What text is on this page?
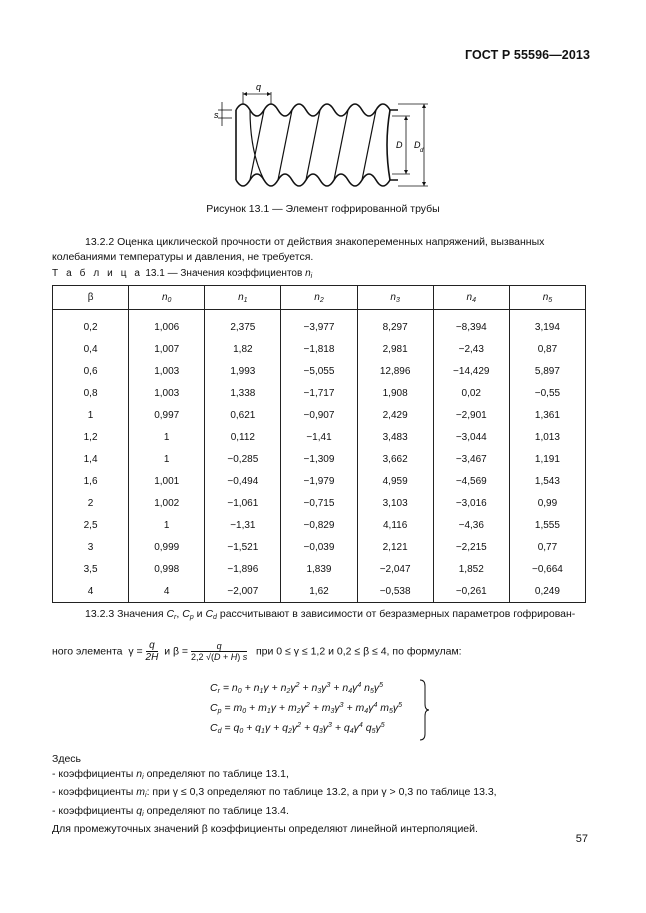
ГОСТ Р 55596—2013
q
s
D D
d
Рисунок 13.1 — Элемент гофрированной трубы
13.2.2 Оценка циклической прочности от действия знакопеременных напряжений, вызванных колебаниями температуры и давления, не требуется.
Т а б л и ц а 13.1 — Значения коэффициентов $n_i$
β	$n_0$	$n_1$	$n_2$	$n_3$	$n_4$	$n_5$

0,2	1,006	2,375	−3,977	8,297	−8,394	3,194
0,4	1,007	1,82	−1,818	2,981	−2,43	0,87
0,6	1,003	1,993	−5,055	12,896	−14,429	5,897
0,8	1,003	1,338	−1,717	1,908	0,02	−0,55
1	0,997	0,621	−0,907	2,429	−2,901	1,361
1,2	1	0,112	−1,41	3,483	−3,044	1,013
1,4	1	−0,285	−1,309	3,662	−3,467	1,191
1,6	1,001	−0,494	−1,979	4,959	−4,569	1,543
2	1,002	−1,061	−0,715	3,103	−3,016	0,99
2,5	1	−1,31	−0,829	4,116	−4,36	1,555
3	0,999	−1,521	−0,039	2,121	−2,215	0,77
3,5	0,998	−1,896	1,839	−2,047	1,852	−0,664
4	4	−2,007	1,62	−0,538	−0,261	0,249
13.2.3 Значения $C_r$, $C_p$ и $C_d$ рассчитывают в зависимости от безразмерных параметров гофрирован-
ного элемента  $\gamma = \frac{q}{2H}$ и $\beta = \frac{q}{2,2 √(D + H) s}$ при 0 ≤ γ ≤ 1,2 и 0,2 ≤ β ≤ 4, по формулам:
$C_r = n_0 + n_1\gamma + n_2\gamma^2 + n_3\gamma^3 + n_4\gamma^4$ $n_5\gamma^5$
$C_p = m_0 + m_1\gamma + m_2\gamma^2 + m_3\gamma^3 + m_4\gamma^4$ $m_5\gamma^5$
$C_d = q_0 + q_1\gamma + q_2\gamma^2 + q_3\gamma^3 + q_4\gamma^4$ $q_5\gamma^5$
Здесь
- коэффициенты $n_i$ определяют по таблице 13.1,
- коэффициенты $m_i$: при γ ≤ 0,3 определяют по таблице 13.2, а при γ > 0,3 по таблице 13.3,
- коэффициенты $q_i$ определяют по таблице 13.4.
Для промежуточных значений β коэффициенты определяют линейной интерполяцией.
57
